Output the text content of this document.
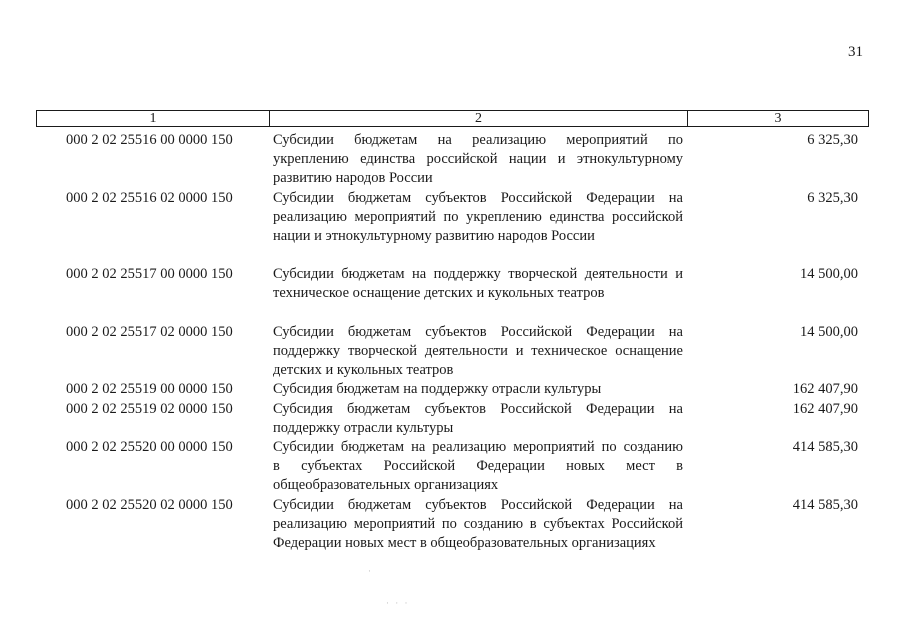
31
1	2	3
000 2 02 25516 00 0000 150	Субсидии бюджетам на реализацию мероприятий по
укреплению единства российской нации и этнокультурному
развитию народов России
6 325,30
000 2 02 25516 02 0000 150	Субсидии бюджетам субъектов Российской Федерации на
реализацию мероприятий по укреплению единства российской
нации и этнокультурному развитию народов России
6 325,30
000 2 02 25517 00 0000 150	Субсидии бюджетам на поддержку творческой деятельности и
техническое оснащение детских и кукольных театров
14 500,00
000 2 02 25517 02 0000 150	Субсидии бюджетам субъектов Российской Федерации на
поддержку творческой деятельности и техническое оснащение
детских и кукольных театров
14 500,00
000 2 02 25519 00 0000 150	Субсидия бюджетам на поддержку отрасли культуры	162 407,90
000 2 02 25519 02 0000 150	Субсидия бюджетам субъектов Российской Федерации на
поддержку отрасли культуры
162 407,90
000 2 02 25520 00 0000 150	Субсидии бюджетам на реализацию мероприятий по созданию
в субъектах Российской Федерации новых мест в
общеобразовательных организациях
414 585,30
000 2 02 25520 02 0000 150	Субсидии бюджетам субъектов Российской Федерации на
реализацию мероприятий по созданию в субъектах Российской
Федерации новых мест в общеобразовательных организациях
414 585,30
·
· · ·
